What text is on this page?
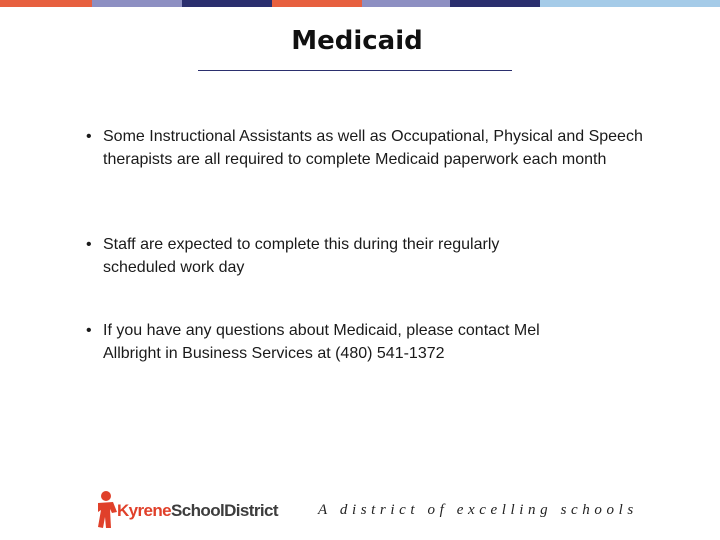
Medicaid
• Some Instructional Assistants as well as Occupational, Physical and Speech therapists are all required to complete Medicaid paperwork each month
• Staff are expected to complete this during their regularly scheduled work day
• If you have any questions about Medicaid, please contact Mel Allbright in Business Services at (480) 541-1372
KyreneSchoolDistrict	A district of excelling schools
